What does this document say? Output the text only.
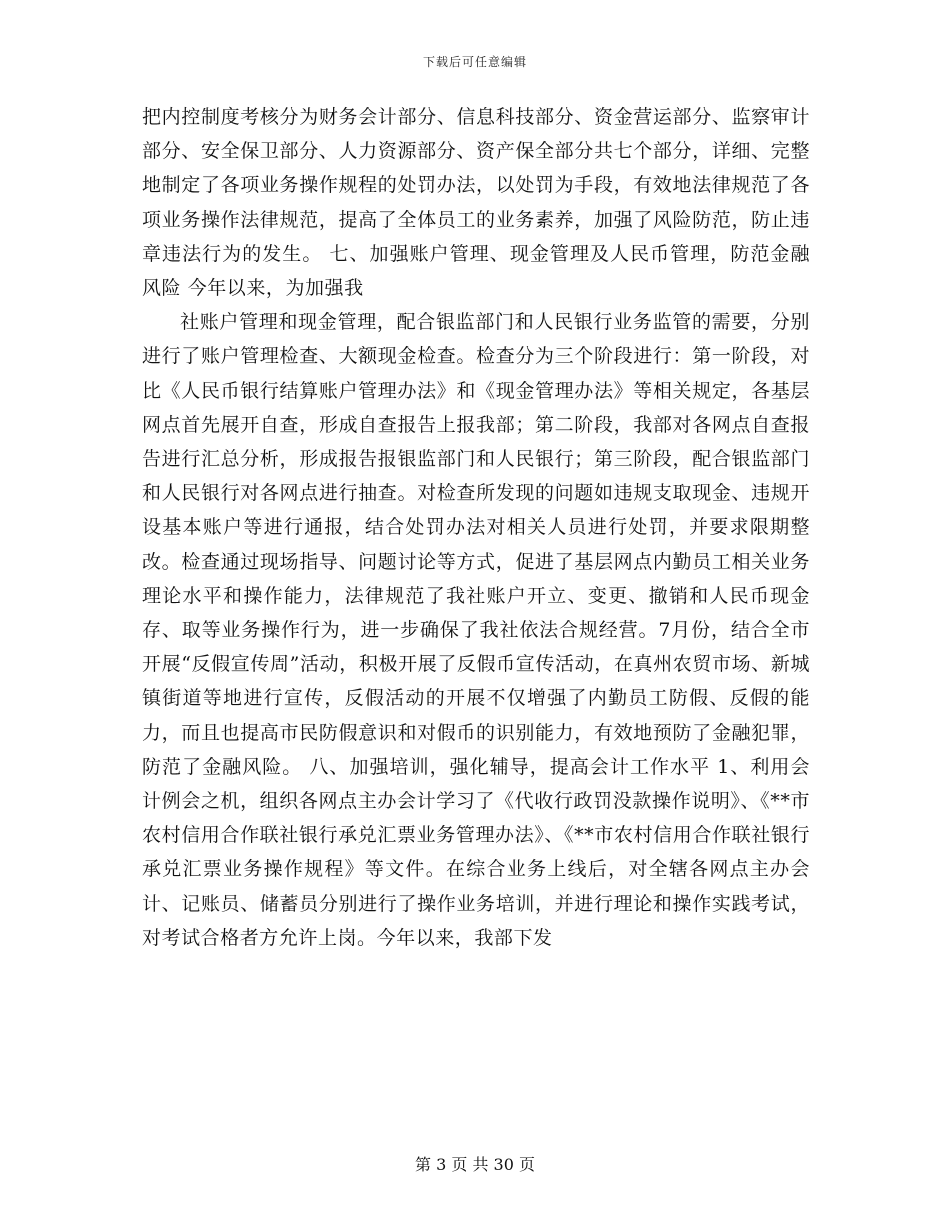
下载后可任意编辑

把内控制度考核分为财务会计部分、信息科技部分、资金营运部分、监察审计部分、安全保卫部分、人力资源部分、资产保全部分共七个部分，详细、完整地制定了各项业务操作规程的处罚办法，以处罚为手段，有效地法律规范了各项业务操作法律规范，提高了全体员工的业务素养，加强了风险防范，防止违章违法行为的发生。 七、加强账户管理、现金管理及人民币管理，防范金融风险 今年以来，为加强我

社账户管理和现金管理，配合银监部门和人民银行业务监管的需要，分别进行了账户管理检查、大额现金检查。检查分为三个阶段进行：第一阶段，对比《人民币银行结算账户管理办法》和《现金管理办法》等相关规定，各基层网点首先展开自查，形成自查报告上报我部；第二阶段，我部对各网点自查报告进行汇总分析，形成报告报银监部门和人民银行；第三阶段，配合银监部门和人民银行对各网点进行抽查。对检查所发现的问题如违规支取现金、违规开设基本账户等进行通报，结合处罚办法对相关人员进行处罚，并要求限期整改。检查通过现场指导、问题讨论等方式，促进了基层网点内勤员工相关业务理论水平和操作能力，法律规范了我社账户开立、变更、撤销和人民币现金存、取等业务操作行为，进一步确保了我社依法合规经营。7月份，结合全市开展“反假宣传周”活动，积极开展了反假币宣传活动，在真州农贸市场、新城镇街道等地进行宣传，反假活动的开展不仅增强了内勤员工防假、反假的能力，而且也提高市民防假意识和对假币的识别能力，有效地预防了金融犯罪，防范了金融风险。 八、加强培训，强化辅导，提高会计工作水平 1、利用会计例会之机，组织各网点主办会计学习了《代收行政罚没款操作说明》、《**市农村信用合作联社银行承兑汇票业务管理办法》、《**市农村信用合作联社银行承兑汇票业务操作规程》等文件。在综合业务上线后，对全辖各网点主办会计、记账员、储蓄员分别进行了操作业务培训，并进行理论和操作实践考试，对考试合格者方允许上岗。今年以来，我部下发

第 3 页 共 30 页
